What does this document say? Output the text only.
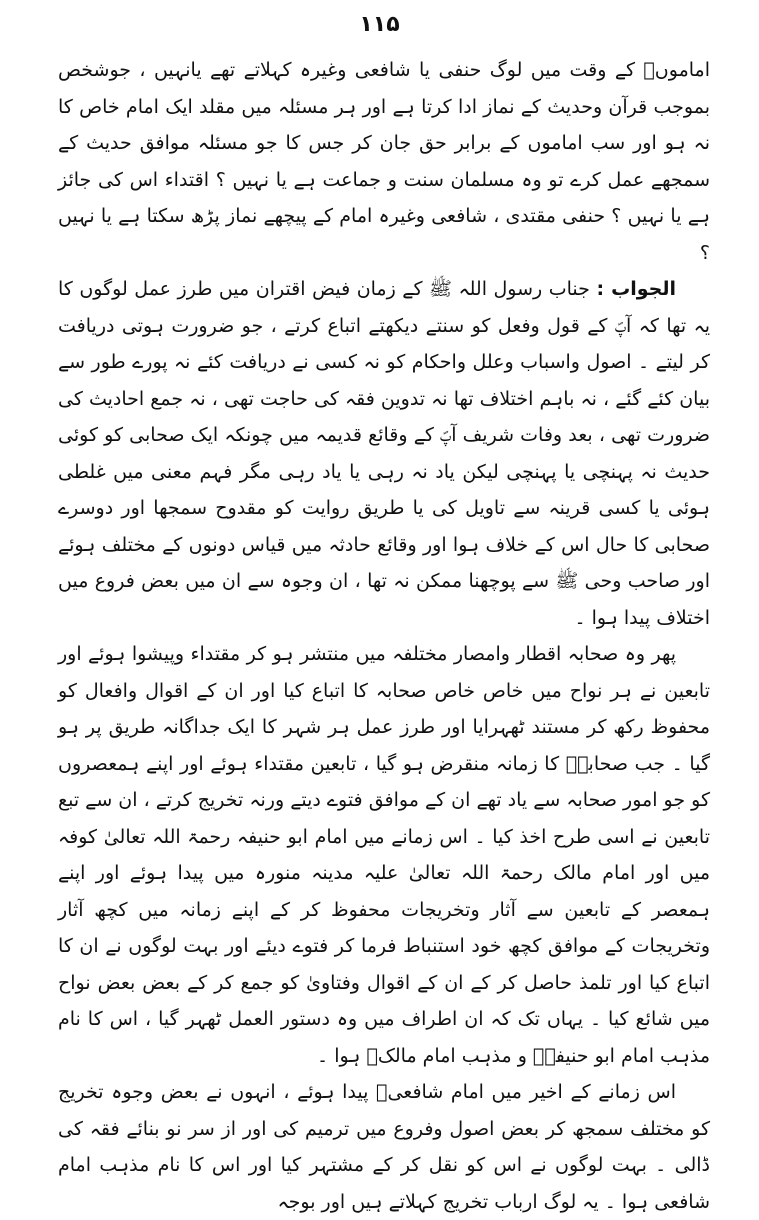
۱۱۵

اماموںؒ کے وقت میں لوگ حنفی یا شافعی وغیرہ کہلاتے تھے یانہیں ، جوشخص بموجب قرآن وحدیث کے نماز ادا کرتا ہے اور ہر مسئلہ میں مقلد ایک امام خاص کا نہ ہو اور سب اماموں کے برابر حق جان کر جس کا جو مسئلہ موافق حدیث کے سمجھے عمل کرے تو وہ مسلمان سنت و جماعت ہے یا نہیں ؟ اقتداء اس کی جائز ہے یا نہیں ؟ حنفی مقتدی ، شافعی وغیرہ امام کے پیچھے نماز پڑھ سکتا ہے یا نہیں ؟

الجواب : جناب رسول اللہ ﷺ کے زمان فیض اقتران میں طرز عمل لوگوں کا یہ تھا کہ آپؐ کے قول وفعل کو سنتے دیکھتے اتباع کرتے ، جو ضرورت ہوتی دریافت کر لیتے ۔ اصول واسباب وعلل واحکام کو نہ کسی نے دریافت کئے نہ پورے طور سے بیان کئے گئے ، نہ باہم اختلاف تھا نہ تدوین فقہ کی حاجت تھی ، نہ جمع احادیث کی ضرورت تھی ، بعد وفات شریف آپؐ کے وقائع قدیمہ میں چونکہ ایک صحابی کو کوئی حدیث نہ پہنچی یا پہنچی لیکن یاد نہ رہی یا یاد رہی مگر فہم معنی میں غلطی ہوئی یا کسی قرینہ سے تاویل کی یا طریق روایت کو مقدوح سمجھا اور دوسرے صحابی کا حال اس کے خلاف ہوا اور وقائع حادثہ میں قیاس دونوں کے مختلف ہوئے اور صاحب وحی ﷺ سے پوچھنا ممکن نہ تھا ، ان وجوہ سے ان میں بعض فروع میں اختلاف پیدا ہوا ۔

پھر وہ صحابہ اقطار وامصار مختلفہ میں منتشر ہو کر مقتداء وپیشوا ہوئے اور تابعین نے ہر نواح میں خاص خاص صحابہ کا اتباع کیا اور ان کے اقوال وافعال کو محفوظ رکھ کر مستند ٹھہرایا اور طرز عمل ہر شہر کا ایک جداگانہ طریق پر ہو گیا ۔ جب صحابہؓ کا زمانہ منقرض ہو گیا ، تابعین مقتداء ہوئے اور اپنے ہمعصروں کو جو امور صحابہ سے یاد تھے ان کے موافق فتوے دیتے ورنہ تخریج کرتے ، ان سے تبع تابعین نے اسی طرح اخذ کیا ۔ اس زمانے میں امام ابو حنیفہ رحمۃ اللہ تعالیٰ کوفہ میں اور امام مالک رحمۃ اللہ تعالیٰ علیہ مدینہ منورہ میں پیدا ہوئے اور اپنے ہمعصر کے تابعین سے آثار وتخریجات محفوظ کر کے اپنے زمانہ میں کچھ آثار وتخریجات کے موافق کچھ خود استنباط فرما کر فتوے دیئے اور بہت لوگوں نے ان کا اتباع کیا اور تلمذ حاصل کر کے ان کے اقوال وفتاویٰ کو جمع کر کے بعض بعض نواح میں شائع کیا ۔ یہاں تک کہ ان اطراف میں وہ دستور العمل ٹھہر گیا ، اس کا نام مذہب امام ابو حنیفہؒ و مذہب امام مالکؒ ہوا ۔

اس زمانے کے اخیر میں امام شافعیؒ پیدا ہوئے ، انہوں نے بعض وجوہ تخریج کو مختلف سمجھ کر بعض اصول وفروع میں ترمیم کی اور از سر نو بنائے فقہ کی ڈالی ۔ بہت لوگوں نے اس کو نقل کر کے مشتہر کیا اور اس کا نام مذہب امام شافعی ہوا ۔ یہ لوگ ارباب تخریج کہلاتے ہیں اور بوجہ
